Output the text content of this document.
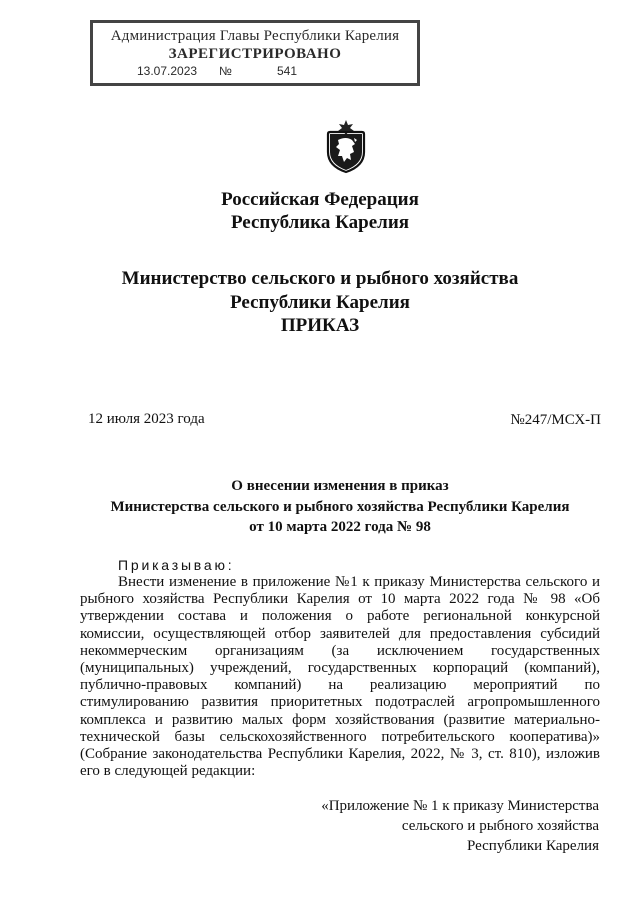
Администрация Главы Республики Карелия
ЗАРЕГИСТРИРОВАНО
13.07.2023 №	541
Российская Федерация
Республика Карелия
Министерство сельского и рыбного хозяйства
Республики Карелия
ПРИКАЗ
12 июля 2023 года	№247/МСХ-П
О внесении изменения в приказ
Министерства сельского и рыбного хозяйства Республики Карелия
от 10 марта 2022 года № 98
Приказываю:
Внести изменение в приложение №1 к приказу Министерства сельского и
рыбного хозяйства Республики Карелия от 10 марта 2022 года № 98 «Об
утверждении состава и положения о работе региональной конкурсной
комиссии, осуществляющей отбор заявителей для предоставления субсидий
некоммерческим организациям (за исключением государственных
(муниципальных) учреждений, государственных корпораций (компаний),
публично-правовых компаний) на реализацию мероприятий по
стимулированию развития приоритетных подотраслей агропромышленного
комплекса и развитию малых форм хозяйствования (развитие материально-
технической базы сельскохозяйственного потребительского кооператива)»
(Собрание законодательства Республики Карелия, 2022, № 3, ст. 810), изложив
его в следующей редакции:
«Приложение № 1 к приказу Министерства
сельского и рыбного хозяйства
Республики Карелия
